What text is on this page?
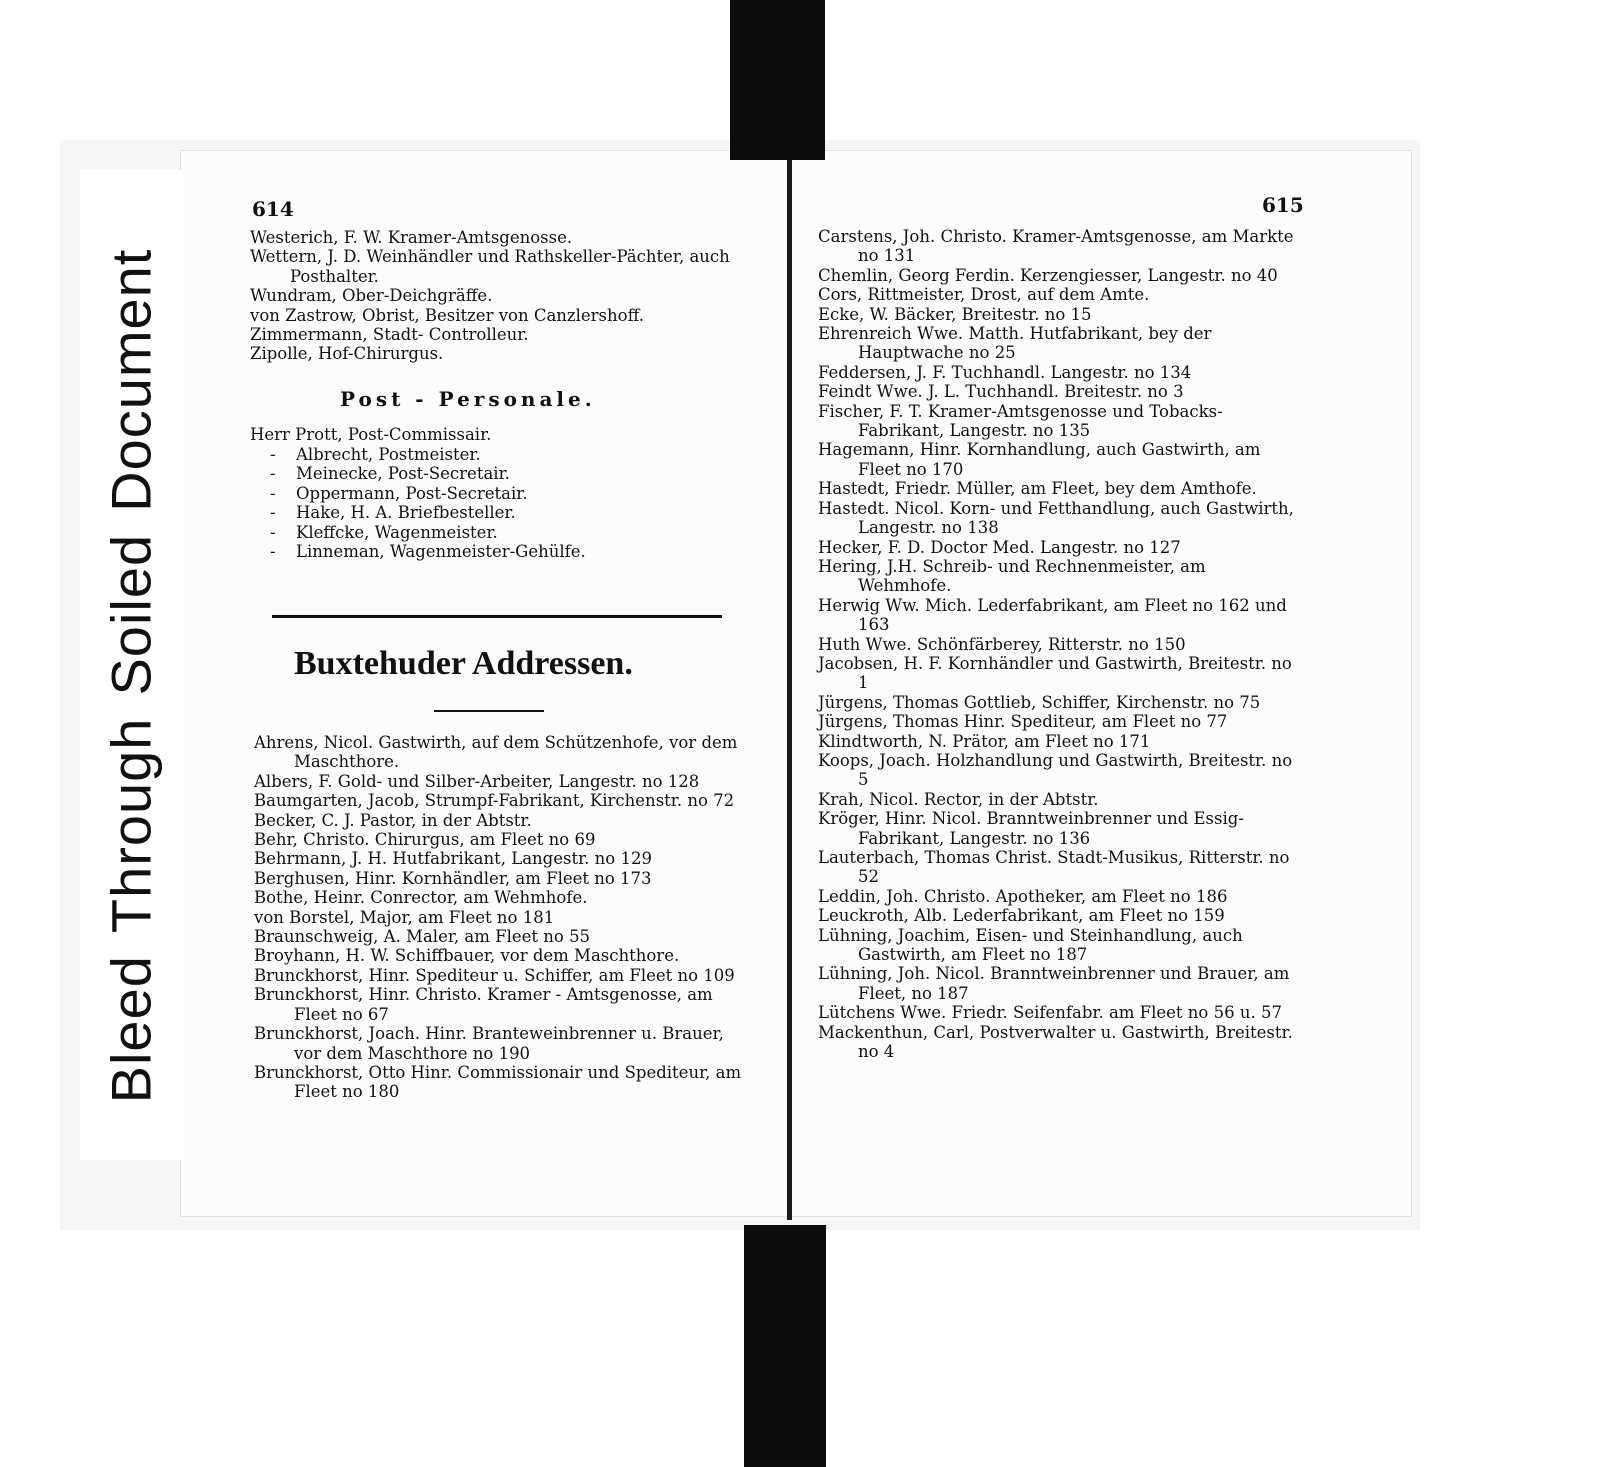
BleedThroughSoiledDocument
614
Westerich, F. W. Kramer-Amtsgenosse.
Wettern, J. D. Weinhändler und Rathskeller-Pächter, auch Posthalter.
Wundram, Ober-Deichgräffe.
von Zastrow, Obrist, Besitzer von Canzlershoff.
Zimmermann, Stadt- Controlleur.
Zipolle, Hof-Chirurgus.
Post - Personale.
Herr Prott, Post-Commissair.
- Albrecht, Postmeister.
- Meinecke, Post-Secretair.
- Oppermann, Post-Secretair.
- Hake, H. A. Briefbesteller.
- Kleffcke, Wagenmeister.
- Linneman, Wagenmeister-Gehülfe.
Buxtehuder Addressen.
Ahrens, Nicol. Gastwirth, auf dem Schützenhofe, vor dem Maschthore.
Albers, F. Gold- und Silber-Arbeiter, Langestr. no 128
Baumgarten, Jacob, Strumpf-Fabrikant, Kirchenstr. no 72
Becker, C. J. Pastor, in der Abtstr.
Behr, Christo. Chirurgus, am Fleet no 69
Behrmann, J. H. Hutfabrikant, Langestr. no 129
Berghusen, Hinr. Kornhändler, am Fleet no 173
Bothe, Heinr. Conrector, am Wehmhofe.
von Borstel, Major, am Fleet no 181
Braunschweig, A. Maler, am Fleet no 55
Broyhann, H. W. Schiffbauer, vor dem Maschthore.
Brunckhorst, Hinr. Spediteur u. Schiffer, am Fleet no 109
Brunckhorst, Hinr. Christo. Kramer - Amtsgenosse, am Fleet no 67
Brunckhorst, Joach. Hinr. Branteweinbrenner u. Brauer, vor dem Maschthore no 190
Brunckhorst, Otto Hinr. Commissionair und Spediteur, am Fleet no 180
615
Carstens, Joh. Christo. Kramer-Amtsgenosse, am Markte no 131
Chemlin, Georg Ferdin. Kerzengiesser, Langestr. no 40
Cors, Rittmeister, Drost, auf dem Amte.
Ecke, W. Bäcker, Breitestr. no 15
Ehrenreich Wwe. Matth. Hutfabrikant, bey der Hauptwache no 25
Feddersen, J. F. Tuchhandl. Langestr. no 134
Feindt Wwe. J. L. Tuchhandl. Breitestr. no 3
Fischer, F. T. Kramer-Amtsgenosse und Tobacks-Fabrikant, Langestr. no 135
Hagemann, Hinr. Kornhandlung, auch Gastwirth, am Fleet no 170
Hastedt, Friedr. Müller, am Fleet, bey dem Amthofe.
Hastedt. Nicol. Korn- und Fetthandlung, auch Gastwirth, Langestr. no 138
Hecker, F. D. Doctor Med. Langestr. no 127
Hering, J.H. Schreib- und Rechnenmeister, am Wehmhofe.
Herwig Ww. Mich. Lederfabrikant, am Fleet no 162 und 163
Huth Wwe. Schönfärberey, Ritterstr. no 150
Jacobsen, H. F. Kornhändler und Gastwirth, Breitestr. no 1
Jürgens, Thomas Gottlieb, Schiffer, Kirchenstr. no 75
Jürgens, Thomas Hinr. Spediteur, am Fleet no 77
Klindtworth, N. Prätor, am Fleet no 171
Koops, Joach. Holzhandlung und Gastwirth, Breitestr. no 5
Krah, Nicol. Rector, in der Abtstr.
Kröger, Hinr. Nicol. Branntweinbrenner und Essig-Fabrikant, Langestr. no 136
Lauterbach, Thomas Christ. Stadt-Musikus, Ritterstr. no 52
Leddin, Joh. Christo. Apotheker, am Fleet no 186
Leuckroth, Alb. Lederfabrikant, am Fleet no 159
Lühning, Joachim, Eisen- und Steinhandlung, auch Gastwirth, am Fleet no 187
Lühning, Joh. Nicol. Branntweinbrenner und Brauer, am Fleet, no 187
Lütchens Wwe. Friedr. Seifenfabr. am Fleet no 56 u. 57
Mackenthun, Carl, Postverwalter u. Gastwirth, Breitestr. no 4
